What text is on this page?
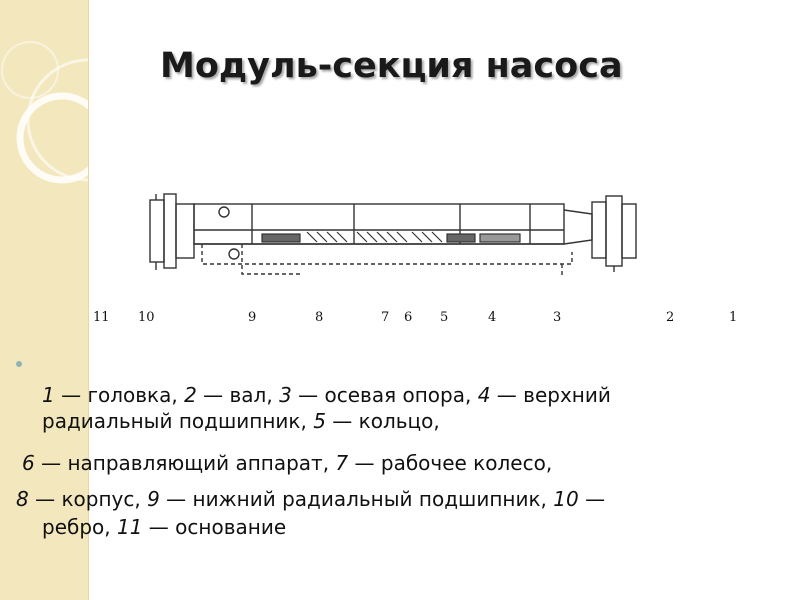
Модуль-секция насоса
11 10	9	8	7 6 5	4	3	2	1
1 — головка, 2 — вал, 3 — осевая опора, 4 — верхний
радиальный подшипник, 5 — кольцо,
6 — направляющий аппарат, 7 — рабочее колесо,
8 — корпус, 9 — нижний радиальный подшипник, 10 —
ребро, 11 — основание
